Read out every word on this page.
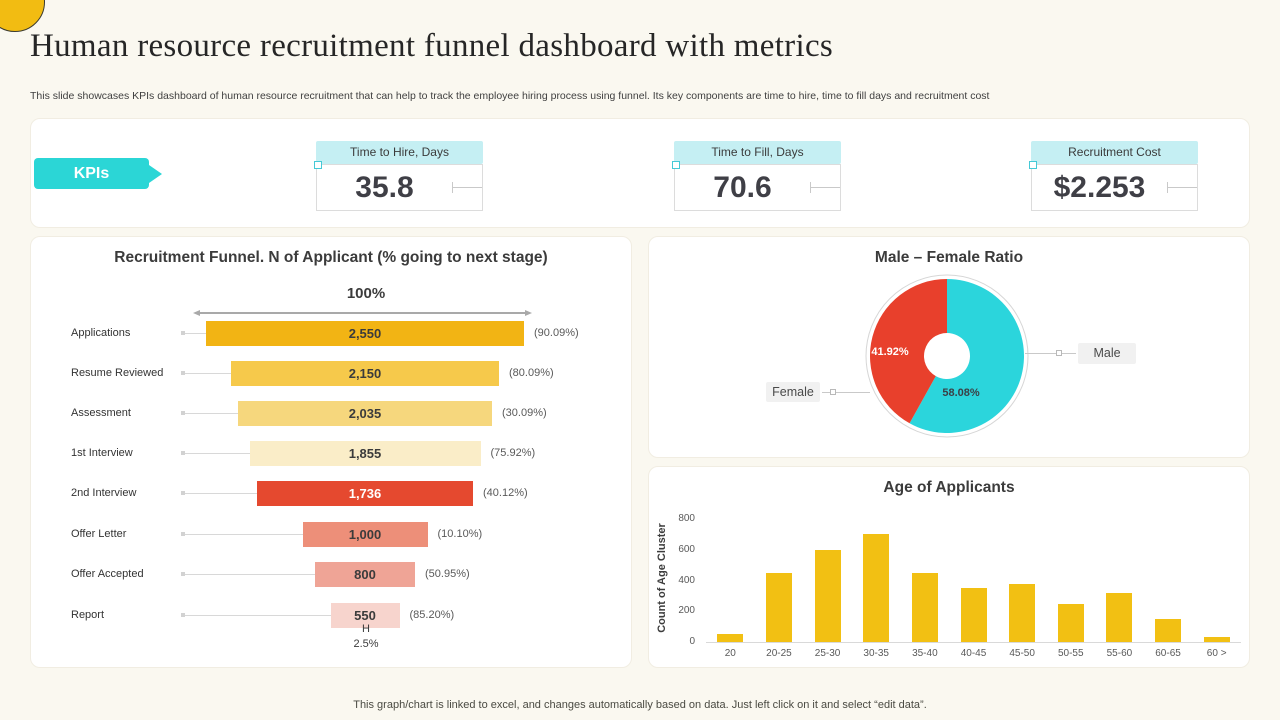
Human resource recruitment funnel dashboard with metrics
This slide showcases KPIs dashboard of human resource recruitment that can help to track the employee hiring process using funnel. Its key components are time to hire, time to fill days and recruitment cost
KPIs
Time to Hire, Days
35.8
Time to Fill, Days
70.6
Recruitment Cost
$2.253
Recruitment Funnel. N of Applicant (% going to next stage)
100%
Applications	2,550	(90.09%)
Resume Reviewed	2,150	(80.09%)
Assessment	2,035	(30.09%)
1st Interview	1,855	(75.92%)
2nd Interview	1,736	(40.12%)
Offer Letter	1,000	(10.10%)
Offer Accepted	800	(50.95%)
Report	550	(85.20%)
H
2.5%
Male – Female Ratio
41.92%
58.08%
Female
Male
Age of Applicants
Count of Age Cluster
0
200
400
600
800
20	20-25	25-30	30-35	35-40	40-45	45-50	50-55	55-60	60-65	60 >
This graph/chart is linked to excel, and changes automatically based on data. Just left click on it and select “edit data”.
